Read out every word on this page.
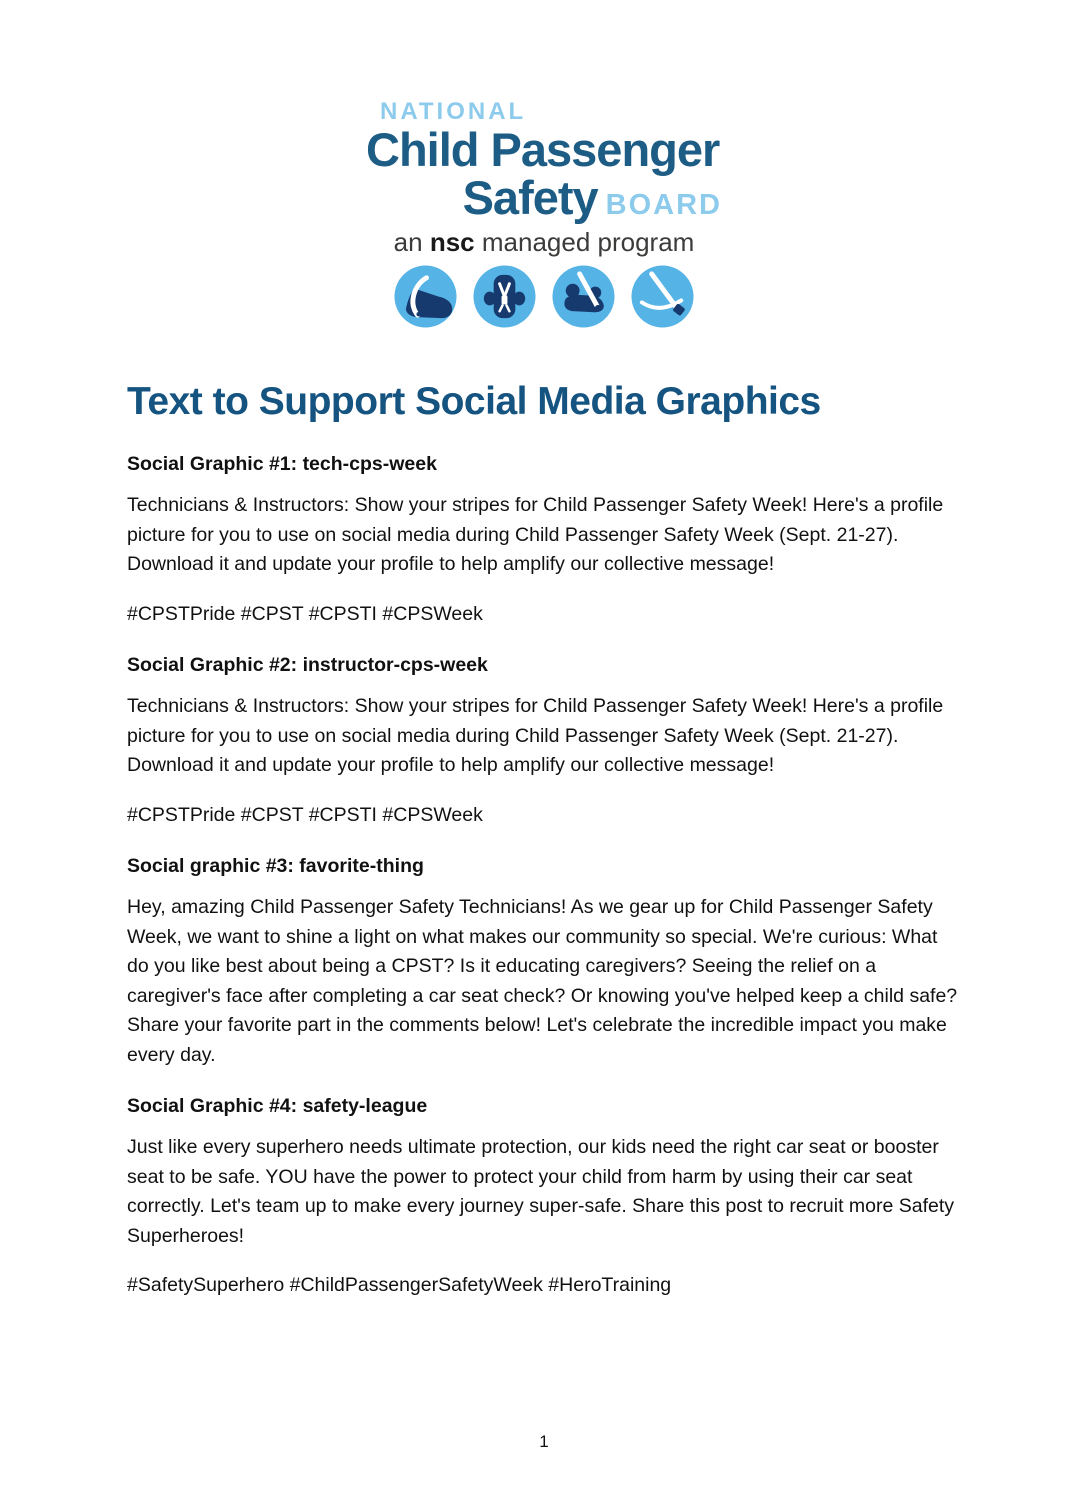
NATIONAL
Child Passenger
Safety BOARD
an nsc managed program
Text to Support Social Media Graphics
Social Graphic #1: tech-cps-week

Technicians & Instructors: Show your stripes for Child Passenger Safety Week! Here's a profile picture for you to use on social media during Child Passenger Safety Week (Sept. 21-27). Download it and update your profile to help amplify our collective message!

#CPSTPride #CPST #CPSTI #CPSWeek

Social Graphic #2: instructor-cps-week

Technicians & Instructors: Show your stripes for Child Passenger Safety Week! Here's a profile picture for you to use on social media during Child Passenger Safety Week (Sept. 21-27). Download it and update your profile to help amplify our collective message!

#CPSTPride #CPST #CPSTI #CPSWeek

Social graphic #3: favorite-thing

Hey, amazing Child Passenger Safety Technicians! As we gear up for Child Passenger Safety Week, we want to shine a light on what makes our community so special. We're curious: What do you like best about being a CPST? Is it educating caregivers? Seeing the relief on a caregiver's face after completing a car seat check? Or knowing you've helped keep a child safe? Share your favorite part in the comments below! Let's celebrate the incredible impact you make every day.

Social Graphic #4: safety-league

Just like every superhero needs ultimate protection, our kids need the right car seat or booster seat to be safe. YOU have the power to protect your child from harm by using their car seat correctly. Let's team up to make every journey super-safe. Share this post to recruit more Safety Superheroes!

#SafetySuperhero #ChildPassengerSafetyWeek #HeroTraining

1
